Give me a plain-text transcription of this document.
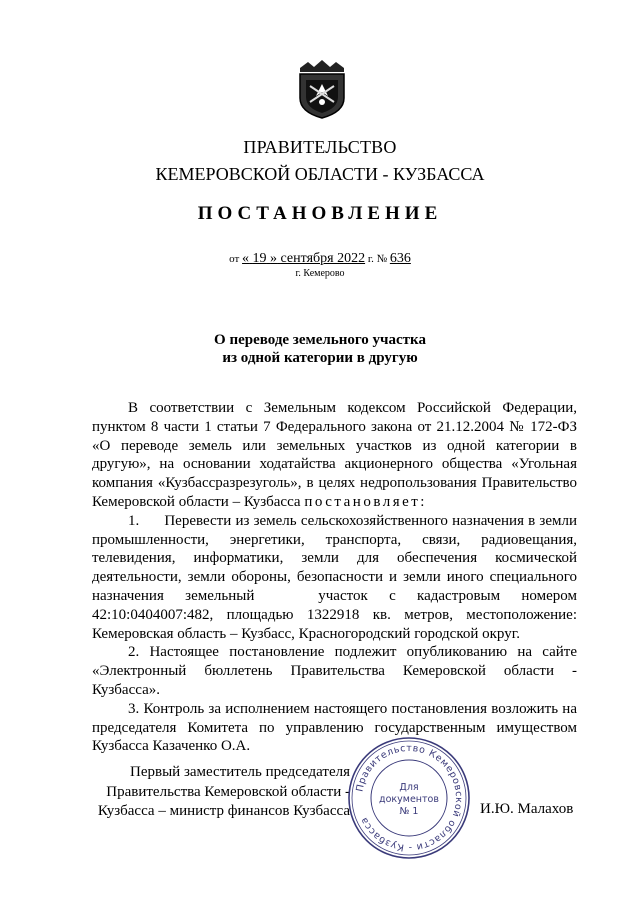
ПРАВИТЕЛЬСТВО
КЕМЕРОВСКОЙ ОБЛАСТИ - КУЗБАССА
ПОСТАНОВЛЕНИЕ
от « 19 » сентября 2022 г. № 636
г. Кемерово
О переводе земельного участка
из одной категории в другую

В соответствии с Земельным кодексом Российской Федерации, пунктом 8 части 1 статьи 7 Федерального закона от 21.12.2004 № 172-ФЗ «О переводе земель или земельных участков из одной категории в другую», на основании ходатайства акционерного общества «Угольная компания «Кузбассразрезуголь», в целях недропользования Правительство Кемеровской области – Кузбасса постановляет:

1.      Перевести из земель сельскохозяйственного назначения в земли промышленности, энергетики, транспорта, связи, радиовещания, телевидения, информатики, земли для обеспечения космической деятельности, земли обороны, безопасности и земли иного специального назначения земельный   участок с кадастровым номером 42:10:0404007:482, площадью 1322918 кв. метров, местоположение: Кемеровская область – Кузбасс, Красногородский городской округ.

2. Настоящее постановление подлежит опубликованию на сайте «Электронный бюллетень Правительства Кемеровской области - Кузбасса».

3. Контроль за исполнением настоящего постановления возложить на председателя Комитета по управлению государственным имуществом Кузбасса Казаченко О.А.

Первый заместитель председателя
Правительства Кемеровской области -
Кузбасса – министр финансов Кузбасса
Правительство Кемеровской области - Кузбасса
Для
документов
№ 1	И.Ю. Малахов
